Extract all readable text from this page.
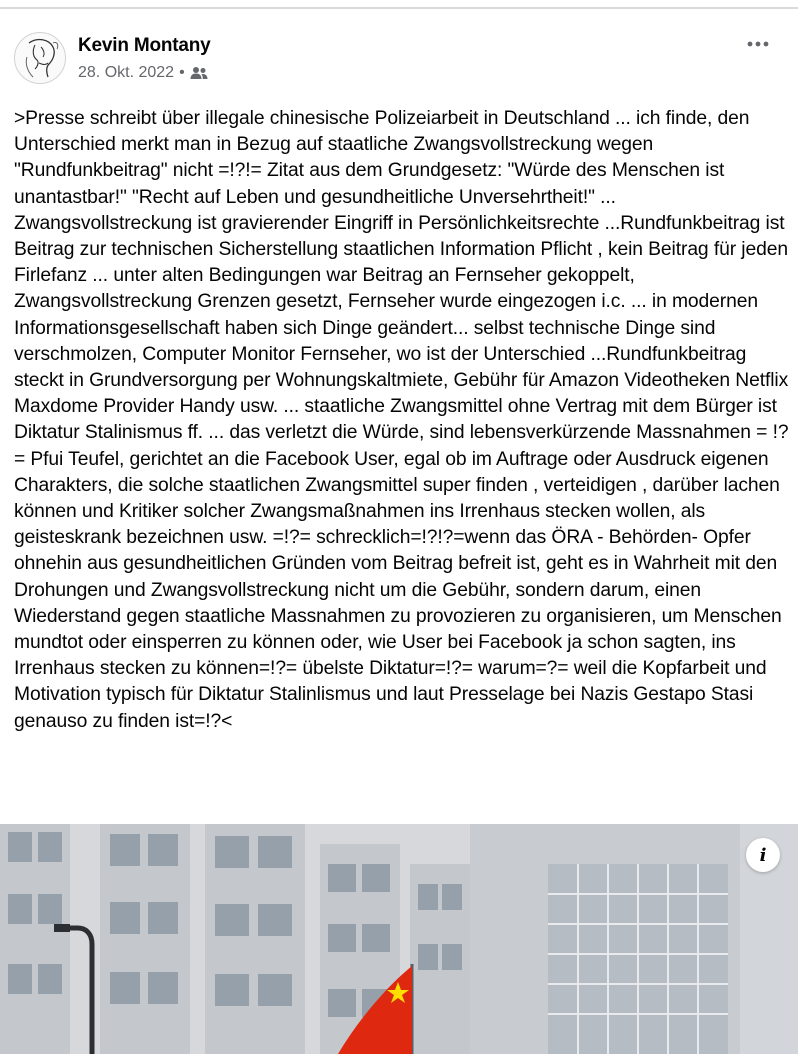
Kevin Montany
28. Okt. 2022 •
>Presse schreibt über illegale chinesische Polizeiarbeit in Deutschland ... ich finde, den Unterschied merkt man in Bezug auf staatliche Zwangsvollstreckung wegen "Rundfunkbeitrag" nicht =!?!= Zitat aus dem Grundgesetz: "Würde des Menschen ist unantastbar!" "Recht auf Leben und gesundheitliche Unversehrtheit!" ... Zwangsvollstreckung ist gravierender Eingriff in Persönlichkeitsrechte ...Rundfunkbeitrag ist Beitrag zur technischen Sicherstellung staatlichen Information Pflicht , kein Beitrag für jeden Firlefanz ... unter alten Bedingungen war Beitrag an Fernseher gekoppelt, Zwangsvollstreckung Grenzen gesetzt, Fernseher wurde eingezogen i.c. ... in modernen Informationsgesellschaft haben sich Dinge geändert... selbst technische Dinge sind verschmolzen, Computer Monitor Fernseher, wo ist der Unterschied ...Rundfunkbeitrag steckt in Grundversorgung per Wohnungskaltmiete, Gebühr für Amazon Videotheken Netflix Maxdome Provider Handy usw. ... staatliche Zwangsmittel ohne Vertrag mit dem Bürger ist Diktatur Stalinismus ff. ... das verletzt die Würde, sind lebensverkürzende Massnahmen = !?= Pfui Teufel, gerichtet an die Facebook User, egal ob im Auftrage oder Ausdruck eigenen Charakters, die solche staatlichen Zwangsmittel super finden , verteidigen , darüber lachen können und Kritiker solcher Zwangsmaßnahmen ins Irrenhaus stecken wollen, als geisteskrank bezeichnen usw. =!?= schrecklich=!?!?=wenn das ÖRA - Behörden- Opfer ohnehin aus gesundheitlichen Gründen vom Beitrag befreit ist, geht es in Wahrheit mit den Drohungen und Zwangsvollstreckung nicht um die Gebühr, sondern darum, einen Wiederstand gegen staatliche Massnahmen zu provozieren zu organisieren, um Menschen mundtot oder einsperren zu können oder, wie User bei Facebook ja schon sagten, ins Irrenhaus stecken zu können=!?= übelste Diktatur=!?= warum=?= weil die Kopfarbeit und Motivation typisch für Diktatur Stalinlismus und laut Presselage bei Nazis Gestapo Stasi genauso zu finden ist=!?<
i
